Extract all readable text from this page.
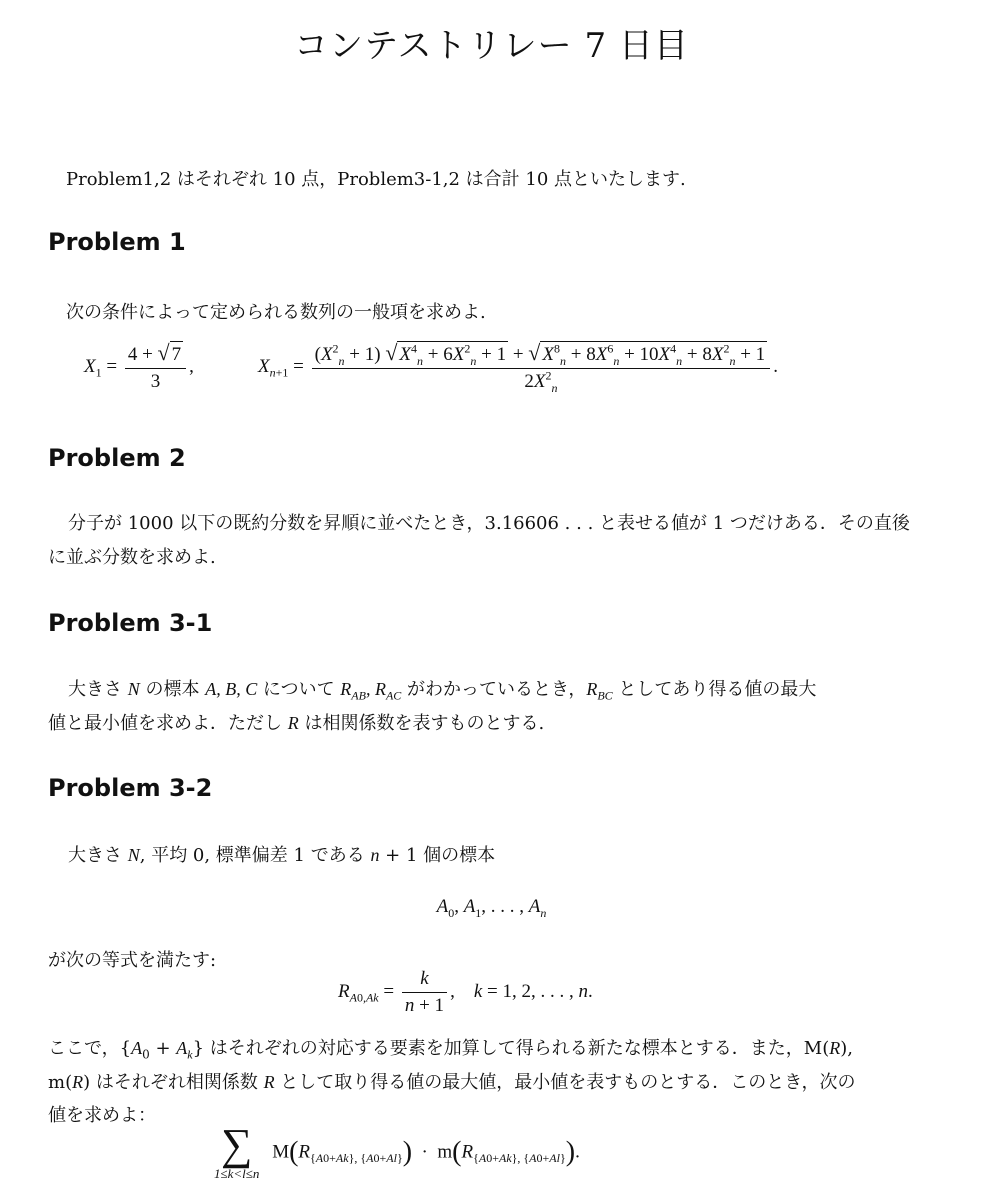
コンテストリレー 7 日目
Problem1,2 はそれぞれ 10 点，Problem3-1,2 は合計 10 点といたします.
Problem 1
次の条件によって定められる数列の一般項を求めよ.
$X_1 = \frac{4 + √ 7}{3}$ ,	$X_{n+1} = \frac{(X^2_n + 1) √ X^4_n + 6X^2_n + 1 + √ X^8_n + 8X^6_n + 10X^4_n + 8X^2_n + 1}{2X^2_n}$ .
Problem 2
分子が 1000 以下の既約分数を昇順に並べたとき，3.16606 . . . と表せる値が 1 つだけある．その直後
に並ぶ分数を求めよ.
Problem 3-1
大きさ N の標本 A, B, C について $R_{AB}$, $R_{AC}$ がわかっているとき，$R_{BC}$ としてあり得る値の最大
値と最小値を求めよ．ただし R は相関係数を表すものとする.
Problem 3-2
大きさ N, 平均 0, 標準偏差 1 である n + 1 個の標本
$A_0$, $A_1$, . . . , $A_n$
が次の等式を満たす:
$R_{A0,Ak} = \frac{k}{n + 1}$ ,    k = 1, 2, . . . , n.
ここで，$\{A_0 + A_k\}$ はそれぞれの対応する要素を加算して得られる新たな標本とする．また，M(R),
m(R) はそれぞれ相関係数 R として取り得る値の最大値，最小値を表すものとする．このとき，次の
値を求めよ：
∑
1≤k<l≤n
$M(R_{\{A0+Ak\}, \{A0+Al\}}) \cdot m(R_{\{A0+Ak\}, \{A0+Al\}})$.
